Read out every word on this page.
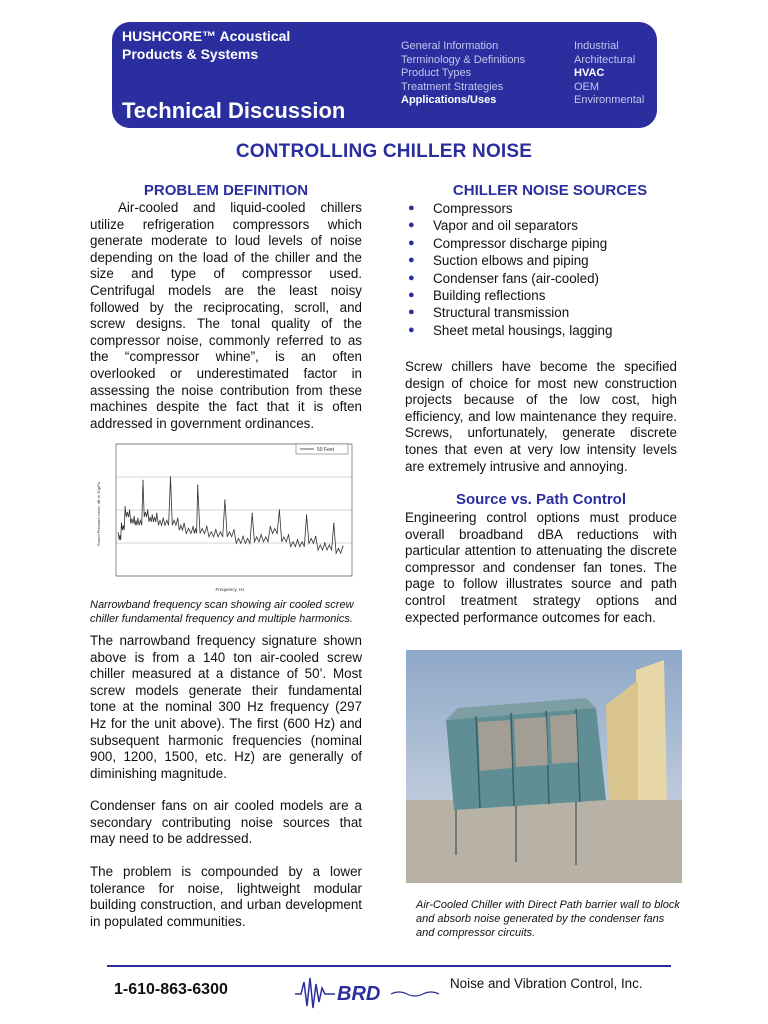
HUSHCORE™ Acoustical
Products & Systems
Technical Discussion
General Information
Terminology & Definitions
Product Types
Treatment Strategies
Applications/Uses
Industrial
Architectural
HVAC
OEM
Environmental
CONTROLLING CHILLER NOISE
PROBLEM DEFINITION

Air-cooled and liquid-cooled chillers utilize refrigeration compressors which generate moderate to loud levels of noise depending on the load of the chiller and the size and type of compressor used. Centrifugal models are the least noisy followed by the reciprocating, scroll, and screw designs. The tonal quality of the compressor noise, commonly referred to as the “compressor whine”, is an often overlooked or underestimated factor in assessing the noise contribution from these machines despite the fact that it is often addressed in government ordinances.

Sound Pressure Level, dB re 20µPa
Frequency, Hz
50 Feet
Narrowband frequency scan showing air cooled screw chiller fundamental frequency and multiple harmonics.

The narrowband frequency signature shown above is from a 140 ton air-cooled screw chiller measured at a distance of 50’. Most screw models generate their fundamental tone at the nominal 300 Hz frequency (297 Hz for the unit above). The first (600 Hz) and subsequent harmonic frequencies (nominal 900, 1200, 1500, etc. Hz) are generally of diminishing magnitude.

Condenser fans on air cooled models are a secondary contributing noise sources that may need to be addressed.

The problem is compounded by a lower tolerance for noise, lightweight modular building construction, and urban development in populated communities.

CHILLER NOISE SOURCES
● Compressors
● Vapor and oil separators
● Compressor discharge piping
● Suction elbows and piping
● Condenser fans (air-cooled)
● Building reflections
● Structural transmission
● Sheet metal housings, lagging

Screw chillers have become the specified design of choice for most new construction projects because of the low cost, high efficiency, and low maintenance they require. Screws, unfortunately, generate discrete tones that even at very low intensity levels are extremely intrusive and annoying.

Source vs. Path Control

Engineering control options must produce overall broadband dBA reductions with particular attention to attenuating the discrete compressor and condenser fan tones. The page to follow illustrates source and path control treatment strategy options and expected performance outcomes for each.

Air-Cooled Chiller with Direct Path barrier wall to block and absorb noise generated by the condenser fans and compressor circuits.
1-610-863-6300	BRD	Noise and Vibration Control, Inc.
